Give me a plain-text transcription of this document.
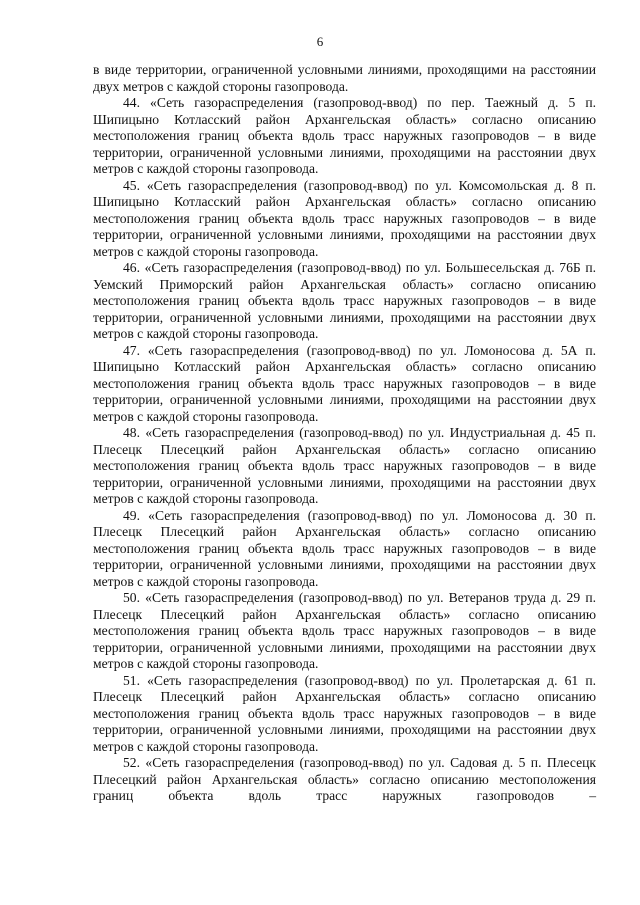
6

в виде территории, ограниченной условными линиями, проходящими на расстоянии двух метров с каждой стороны газопровода.

44. «Сеть газораспределения (газопровод-ввод) по пер. Таежный д. 5 п. Шипицыно Котласский район Архангельская область» согласно описанию местоположения границ объекта вдоль трасс наружных газопроводов – в виде территории, ограниченной условными линиями, проходящими на расстоянии двух метров с каждой стороны газопровода.

45. «Сеть газораспределения (газопровод-ввод) по ул. Комсомольская д. 8 п. Шипицыно Котласский район Архангельская область» согласно описанию местоположения границ объекта вдоль трасс наружных газопроводов – в виде территории, ограниченной условными линиями, проходящими на расстоянии двух метров с каждой стороны газопровода.

46. «Сеть газораспределения (газопровод-ввод) по ул. Большесельская д. 76Б п. Уемский Приморский район Архангельская область» согласно описанию местоположения границ объекта вдоль трасс наружных газопроводов – в виде территории, ограниченной условными линиями, проходящими на расстоянии двух метров с каждой стороны газопровода.

47. «Сеть газораспределения (газопровод-ввод) по ул. Ломоносова д. 5А п. Шипицыно Котласский район Архангельская область» согласно описанию местоположения границ объекта вдоль трасс наружных газопроводов – в виде территории, ограниченной условными линиями, проходящими на расстоянии двух метров с каждой стороны газопровода.

48. «Сеть газораспределения (газопровод-ввод) по ул. Индустриальная д. 45 п. Плесецк Плесецкий район Архангельская область» согласно описанию местоположения границ объекта вдоль трасс наружных газопроводов – в виде территории, ограниченной условными линиями, проходящими на расстоянии двух метров с каждой стороны газопровода.

49. «Сеть газораспределения (газопровод-ввод) по ул. Ломоносова д. 30 п. Плесецк Плесецкий район Архангельская область» согласно описанию местоположения границ объекта вдоль трасс наружных газопроводов – в виде территории, ограниченной условными линиями, проходящими на расстоянии двух метров с каждой стороны газопровода.

50. «Сеть газораспределения (газопровод-ввод) по ул. Ветеранов труда д. 29 п. Плесецк Плесецкий район Архангельская область» согласно описанию местоположения границ объекта вдоль трасс наружных газопроводов – в виде территории, ограниченной условными линиями, проходящими на расстоянии двух метров с каждой стороны газопровода.

51. «Сеть газораспределения (газопровод-ввод) по ул. Пролетарская д. 61 п. Плесецк Плесецкий район Архангельская область» согласно описанию местоположения границ объекта вдоль трасс наружных газопроводов – в виде территории, ограниченной условными линиями, проходящими на расстоянии двух метров с каждой стороны газопровода.

52. «Сеть газораспределения (газопровод-ввод) по ул. Садовая д. 5 п. Плесецк Плесецкий район Архангельская область» согласно описанию местоположения границ объекта вдоль трасс наружных газопроводов –
